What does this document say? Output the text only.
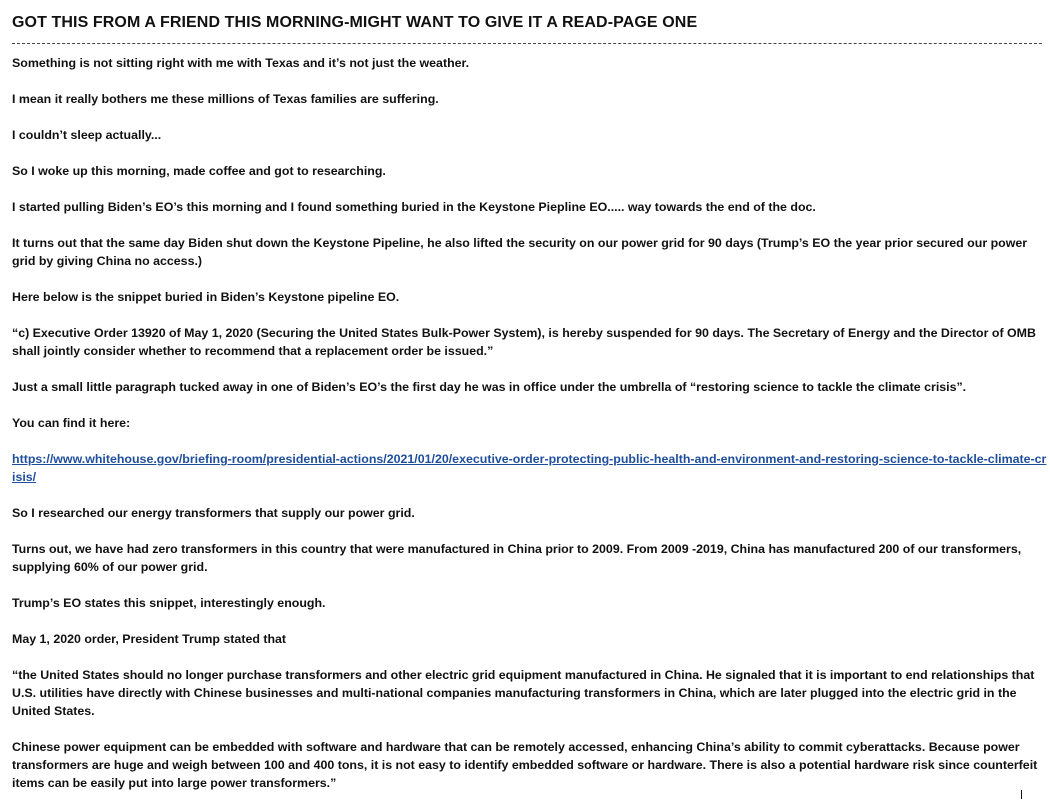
GOT THIS FROM A FRIEND THIS MORNING-MIGHT WANT TO GIVE IT A READ-PAGE ONE

Something is not sitting right with me with Texas and it’s not just the weather.

I mean it really bothers me these millions of Texas families are suffering.

I couldn’t sleep actually...

So I woke up this morning, made coffee and got to researching.

I started pulling Biden’s EO’s this morning and I found something buried in the Keystone Piepline EO..... way towards the end of the doc.

It turns out that the same day Biden shut down the Keystone Pipeline, he also lifted the security on our power grid for 90 days (Trump’s EO the year prior secured our power grid by giving China no access.)

Here below is the snippet buried in Biden’s Keystone pipeline EO.

“c) Executive Order 13920 of May 1, 2020 (Securing the United States Bulk-Power System), is hereby suspended for 90 days. The Secretary of Energy and the Director of OMB shall jointly consider whether to recommend that a replacement order be issued.”

Just a small little paragraph tucked away in one of Biden’s EO’s the first day he was in office under the umbrella of “restoring science to tackle the climate crisis”.

You can find it here:

https://www.whitehouse.gov/briefing-room/presidential-actions/2021/01/20/executive-order-protecting-public-health-and-environment-and-restoring-science-to-tackle-climate-crisis/

So I researched our energy transformers that supply our power grid.

Turns out, we have had zero transformers in this country that were manufactured in China prior to 2009. From 2009 -2019, China has manufactured 200 of our transformers, supplying 60% of our power grid.

Trump’s EO states this snippet, interestingly enough.

May 1, 2020 order, President Trump stated that

“the United States should no longer purchase transformers and other electric grid equipment manufactured in China. He signaled that it is important to end relationships that U.S. utilities have directly with Chinese businesses and multi-national companies manufacturing transformers in China, which are later plugged into the electric grid in the United States.

Chinese power equipment can be embedded with software and hardware that can be remotely accessed, enhancing China’s ability to commit cyberattacks. Because power transformers are huge and weigh between 100 and 400 tons, it is not easy to identify embedded software or hardware. There is also a potential hardware risk since counterfeit items can be easily put into large power transformers.”
